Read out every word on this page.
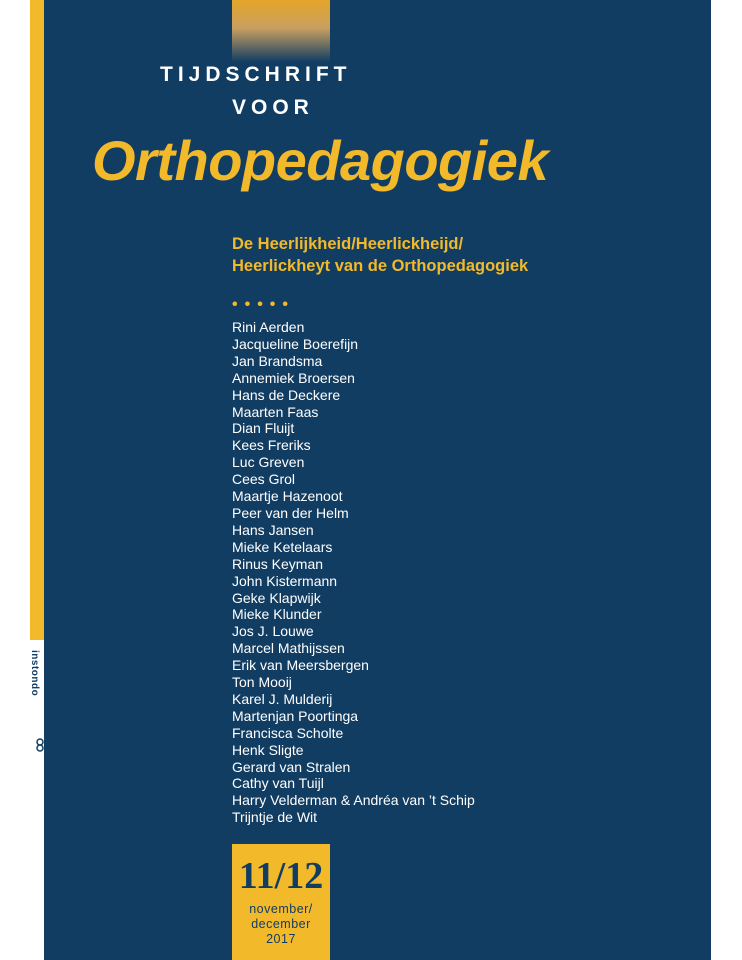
instondo
TIJDSCHRIFT
VOOR
Orthopedagogiek
De Heerlijkheid/Heerlickheijd/
Heerlickheyt van de Orthopedagogiek
•••••
Rini Aerden
Jacqueline Boerefijn
Jan Brandsma
Annemiek Broersen
Hans de Deckere
Maarten Faas
Dian Fluijt
Kees Freriks
Luc Greven
Cees Grol
Maartje Hazenoot
Peer van der Helm
Hans Jansen
Mieke Ketelaars
Rinus Keyman
John Kistermann
Geke Klapwijk
Mieke Klunder
Jos J. Louwe
Marcel Mathijssen
Erik van Meersbergen
Ton Mooij
Karel J. Mulderij
Martenjan Poortinga
Francisca Scholte
Henk Sligte
Gerard van Stralen
Cathy van Tuijl
Harry Velderman & Andréa van ’t Schip
Trijntje de Wit
11/12
november/
december
2017
